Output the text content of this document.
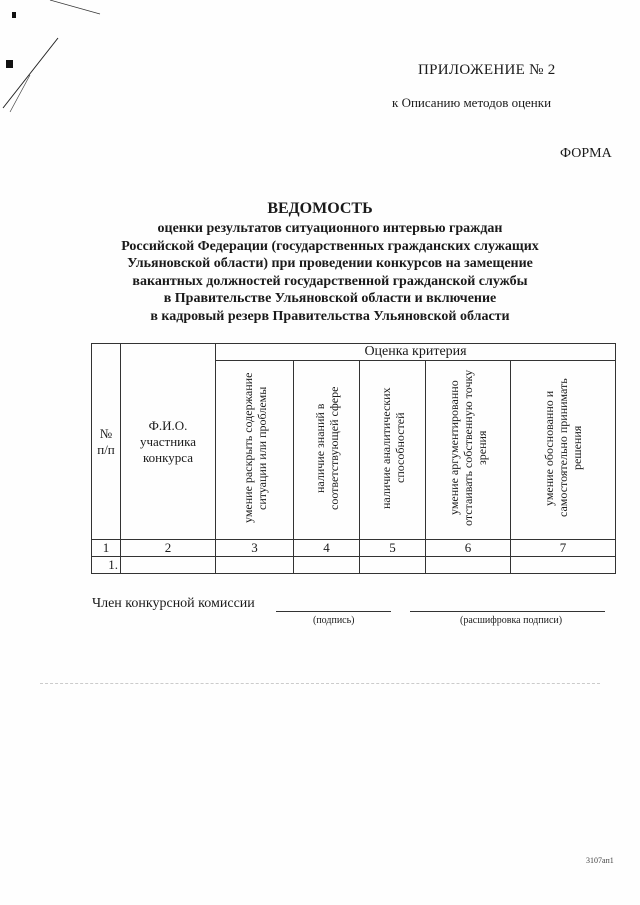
ПРИЛОЖЕНИЕ № 2
к Описанию методов оценки
ФОРМА
ВЕДОМОСТЬ
оценки результатов ситуационного интервью граждан
Российской Федерации (государственных гражданских служащих
Ульяновской области) при проведении конкурсов на замещение
вакантных должностей государственной гражданской службы
в Правительстве Ульяновской области и включение
в кадровый резерв Правительства Ульяновской области
№ п/п	Ф.И.О. участника конкурса	Оценка критерия				
		умение раскрыть содержание ситуации или проблемы	наличие знаний в соответствующей сфере	наличие аналитических способностей	умение аргументированно отстаивать собственную точку зрения	умение обоснованно и самостоятельно принимать решения
1	2	3	4	5	6	7
1.						
Член конкурсной комиссии
(подпись)	(расшифровка подписи)
3107ап1
